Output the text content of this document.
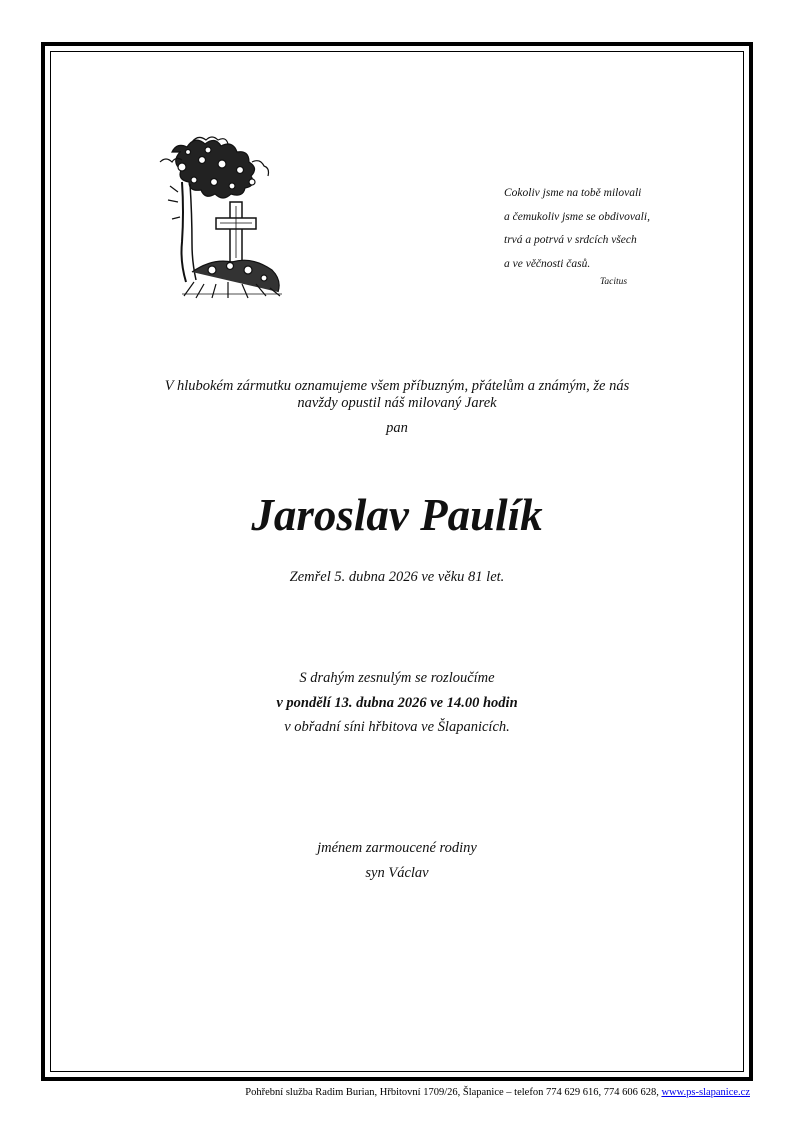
Cokoliv jsme na tobě milovali
a čemukoliv jsme se obdivovali,
trvá a potrvá v srdcích všech
a ve věčnosti časů.
Tacitus
V hlubokém zármutku oznamujeme všem příbuzným, přátelům a známým, že nás
navždy opustil náš milovaný Jarek
pan
Jaroslav Paulík
Zemřel 5. dubna 2026 ve věku 81 let.
S drahým zesnulým se rozloučíme
v pondělí 13. dubna 2026 ve 14.00 hodin
v obřadní síni hřbitova ve Šlapanicích.
jménem zarmoucené rodiny
syn Václav
Pohřební služba Radim Burian, Hřbitovní 1709/26, Šlapanice – telefon 774 629 616, 774 606 628, www.ps-slapanice.cz
